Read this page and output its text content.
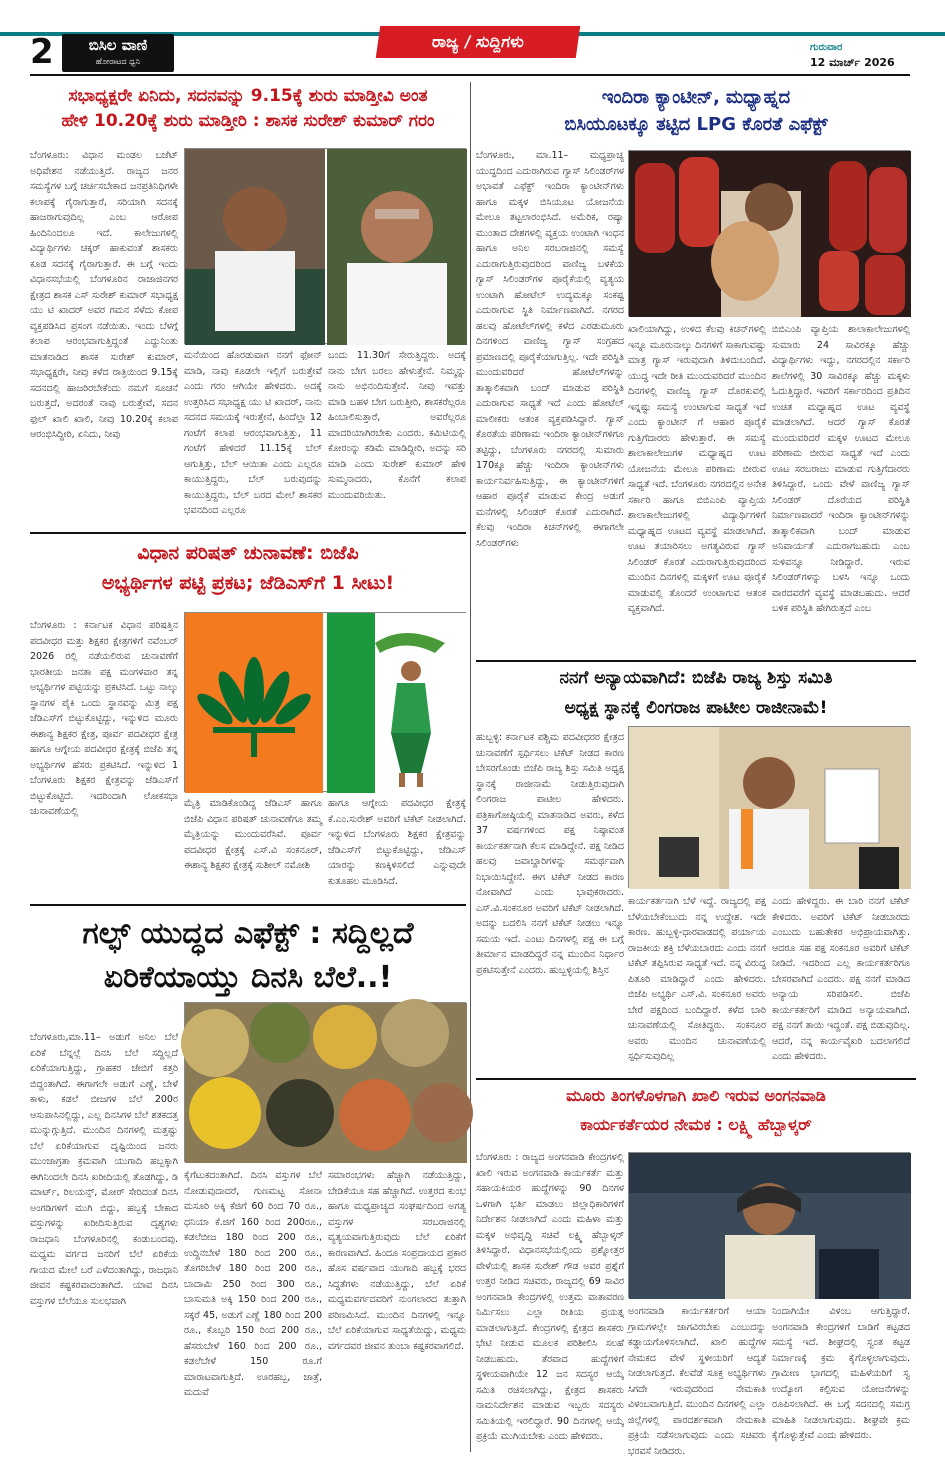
2	ಬಿಸಿಲ ವಾಣಿ
ಹೋರಾಟದ ಧ್ವನಿ
ರಾಜ್ಯ / ಸುದ್ದಿಗಳು	ಗುರುವಾರ
12 ಮಾರ್ಚ್ 2026
ಸಭಾಧ್ಯಕ್ಷರೇ ಏನಿದು, ಸದನವನ್ನು 9.15ಕ್ಕೆ ಶುರು ಮಾಡ್ತೀವಿ ಅಂತ
ಹೇಳಿ 10.20ಕ್ಕೆ ಶುರು ಮಾಡ್ತೀರಿ : ಶಾಸಕ ಸುರೇಶ್ ಕುಮಾರ್ ಗರಂ
ಬೆಂಗಳೂರು: ವಿಧಾನ ಮಂಡಲ ಬಜೆಟ್ ಅಧಿವೇಶನ ನಡೆಯುತ್ತಿದೆ. ರಾಜ್ಯದ ಜನರ ಸಮಸ್ಯೆಗಳ ಬಗ್ಗೆ ಚರ್ಚಿಸಬೇಕಾದ ಜನಪ್ರತಿನಿಧಿಗಳೇ ಕಲಾಪಕ್ಕೆ ಗೈರಾಗುತ್ತಾರೆ, ಸರಿಯಾಗಿ ಸದನಕ್ಕೆ ಹಾಜರಾಗುವುದಿಲ್ಲ ಎಂಬ ಆರೋಪ ಹಿಂದಿನಿಂದಲೂ ಇದೆ. ಕಾಲೇಜುಗಳಲ್ಲಿ ವಿದ್ಯಾರ್ಥಿಗಳು ಚಕ್ಕರ್ ಹಾಕುವಂತೆ ಶಾಸಕರು ಕೂಡ ಸದನಕ್ಕೆ ಗೈರಾಗುತ್ತಾರೆ. ಈ ಬಗ್ಗೆ ಇಂದು ವಿಧಾನಸಭೆಯಲ್ಲಿ ಬೆಂಗಳೂರಿನ ರಾಜಾಜಿನಗರ ಕ್ಷೇತ್ರದ ಶಾಸಕ ಎಸ್ ಸುರೇಶ್ ಕುಮಾರ್ ಸಭಾಧ್ಯಕ್ಷ ಯು ಟಿ ಖಾದರ್ ಅವರ ಗಮನ ಸೆಳೆದು ಕೋಪ ವ್ಯಕ್ತಪಡಿಸಿದ ಪ್ರಸಂಗ ನಡೆಯಿತು. ಇಂದು ಬೆಳಗ್ಗೆ ಕಲಾಪ ಆರಂಭವಾಗುತ್ತಿದ್ದಂತೆ ಎದ್ದುನಿಂತು ಮಾತನಾಡಿದ ಶಾಸಕ ಸುರೇಶ್ ಕುಮಾರ್, ಸಭಾಧ್ಯಕ್ಷರೇ, ನೀವು ಕಳೆದ ರಾತ್ರಿಯಿಂದ 9.15ಕ್ಕೆ ಸದನದಲ್ಲಿ ಹಾಜರಿರಬೇಕೆಂದು ನಮಗೆ ಸೂಚನೆ ಬರುತ್ತದೆ, ಅದರಂತೆ ನಾವು ಬರುತ್ತೇವೆ, ಸದನ ಫುಲ್ ಖಾಲಿ ಖಾಲಿ, ನೀವು 10.20ಕ್ಕೆ ಕಲಾಪ ಆರಂಭಿಸಿದ್ದೀರಿ, ಏನಿದು, ನೀವು
ಮನೆಯಿಂದ ಹೊರಡುವಾಗ ನನಗೆ ಫೋನ್ ಮಾಡಿ, ನಾವು ಕೂಡಲೇ ಇಲ್ಲಿಗೆ ಬರುತ್ತೇವೆ ಎಂದು ಗರಂ ಆಗಿಯೇ ಹೇಳಿದರು. ಅದಕ್ಕೆ ಉತ್ತರಿಸಿದ ಸಭಾಧ್ಯಕ್ಷ ಯು ಟಿ ಖಾದರ್, ನಾನು ಸದನದ ಸಮಯಕ್ಕೆ ಇರುತ್ತೇನೆ, ಹಿಂದೆಲ್ಲಾ 12 ಗಂಟೆಗೆ ಕಲಾಪ ಆರಂಭವಾಗುತ್ತಿತ್ತು, 11 ಗಂಟೆಗೆ ಹೇಳಿದರೆ 11.15ಕ್ಕೆ ಬೆಲ್ ಆಗುತ್ತಿತ್ತು, ಬೆಲ್ ಆಯಿತಾ ಎಂದು ಎಲ್ಲರೂ ಕಾಯುತ್ತಿದ್ದರು, ಬೆಲ್ ಬರುವುದನ್ನು ಕಾಯುತ್ತಿದ್ದರು, ಬೆಲ್ ಬರದ ಮೇಲೆ ಶಾಸಕರ ಭವನದಿಂದ ಎಲ್ಲರೂ
ಬಂದು 11.30ಗೆ ಸೇರುತ್ತಿದ್ದರು. ಅದಕ್ಕೆ ನಾನು ಬೇಗ ಬರಲು ಹೇಳುತ್ತೇನೆ. ನಿಮ್ಮನ್ನು ನಾನು ಅಭಿನಂದಿಸುತ್ತೇನೆ. ನೀವು ಇವತ್ತು ಮಾಡಿ ಬಹಳ ಬೇಗ ಬರುತ್ತೀರಿ, ಶಾಸಕರೆಲ್ಲರೂ ಹಿಂಬಾಲಿಸುತ್ತಾರೆ, ಅವರೆಲ್ಲರೂ ಮಾದರಿಯಾಗಿರಬೇಕು ಎಂದರು. ಕಮಿಟಿಯಲ್ಲಿ ಕೋರಂನ್ನು ಕಡಿಮೆ ಮಾಡಿದ್ದೀರಿ, ಅದನ್ನು ಸರಿ ಮಾಡಿ ಎಂದು ಸುರೇಶ್ ಕುಮಾರ್ ಹೇಳಿ ಸುಮ್ಮನಾದರು, ಕೊನೆಗೆ ಕಲಾಪ ಮುಂದುವರಿಯಿತು.
ವಿಧಾನ ಪರಿಷತ್ ಚುನಾವಣೆ: ಬಿಜೆಪಿ
ಅಭ್ಯರ್ಥಿಗಳ ಪಟ್ಟಿ ಪ್ರಕಟ; ಜೆಡಿಎಸ್‌ಗೆ 1 ಸೀಟು!
ಬೆಂಗಳೂರು : ಕರ್ನಾಟಕ ವಿಧಾನ ಪರಿಷತ್ತಿನ ಪದವೀಧರ ಮತ್ತು ಶಿಕ್ಷಕರ ಕ್ಷೇತ್ರಗಳಿಗೆ ನವೆಂಬರ್ 2026 ರಲ್ಲಿ ನಡೆಯಲಿರುವ ಚುನಾವಣೆಗೆ ಭಾರತೀಯ ಜನತಾ ಪಕ್ಷ ಮಂಗಳವಾರ ತನ್ನ ಅಭ್ಯರ್ಥಿಗಳ ಪಟ್ಟಿಯನ್ನು ಪ್ರಕಟಿಸಿದೆ. ಒಟ್ಟು ನಾಲ್ಕು ಸ್ಥಾನಗಳ ಪೈಕಿ ಒಂದು ಸ್ಥಾನವನ್ನು ಮಿತ್ರ ಪಕ್ಷ ಜೆಡಿಎಸ್‌ಗೆ ಬಿಟ್ಟುಕೊಟ್ಟಿದ್ದು, ಇನ್ನುಳಿದ ಮೂರು ಈಶಾನ್ಯ ಶಿಕ್ಷಕರ ಕ್ಷೇತ್ರ, ಪೂರ್ವ ಪದವೀಧರ ಕ್ಷೇತ್ರ ಹಾಗೂ ಆಗ್ನೇಯ ಪದವೀಧರ ಕ್ಷೇತ್ರಕ್ಕೆ ಬಿಜೆಪಿ ತನ್ನ ಅಭ್ಯರ್ಥಿಗಳ ಹೆಸರು ಪ್ರಕಟಿಸಿದೆ. ಇನ್ನುಳಿದ 1 ಬೆಂಗಳೂರು ಶಿಕ್ಷಕರ ಕ್ಷೇತ್ರವನ್ನು ಜೆಡಿಎಸ್‌ಗೆ ಬಿಟ್ಟುಕೊಟ್ಟಿದೆ. ಇದರಿಂದಾಗಿ ಲೋಕಸಭಾ ಚುನಾವಣೆಯಲ್ಲಿ
ಮೈತ್ರಿ ಮಾಡಿಕೊಂಡಿದ್ದ ಜೆಡಿಎಸ್ ಹಾಗೂ ಬಿಜೆಪಿ ವಿಧಾನ ಪರಿಷತ್ ಚುನಾವಣೆಗೂ ತಮ್ಮ ಮೈತ್ರಿಯನ್ನು ಮುಂದುವರೆಸಿವೆ. ಪೂರ್ವ ಪದವೀಧರ ಕ್ಷೇತ್ರಕ್ಕೆ ಎಸ್.ವಿ ಸಂಕನೂರ್, ಈಶಾನ್ಯ ಶಿಕ್ಷಕರ ಕ್ಷೇತ್ರಕ್ಕೆ ಸುಶೀಲ್ ನಮೋಶಿ
ಹಾಗೂ ಆಗ್ನೇಯ ಪದವೀಧರ ಕ್ಷೇತ್ರಕ್ಕೆ ಕೆ.ಎಂ.ಸುರೇಶ್ ಅವರಿಗೆ ಟಿಕೆಟ್ ನೀಡಲಾಗಿದೆ. ಇನ್ನುಳಿದ ಬೆಂಗಳೂರು ಶಿಕ್ಷಕರ ಕ್ಷೇತ್ರವನ್ನು ಜೆಡಿಎಸ್‌ಗೆ ಬಿಟ್ಟುಕೊಟ್ಟಿದ್ದು, ಜೆಡಿಎಸ್ ಯಾರನ್ನು ಕಣಕ್ಕಿಳಿಸಲಿದೆ ಎನ್ನುವುದೇ ಕುತೂಹಲ ಮೂಡಿಸಿದೆ.
ಗಲ್ಫ್ ಯುದ್ಧದ ಎಫೆಕ್ಟ್ : ಸದ್ದಿಲ್ಲದೆ
ಏರಿಕೆಯಾಯ್ತು ದಿನಸಿ ಬೆಲೆ..!
ಬೆಂಗಳೂರು,ಮಾ.11– ಅಡುಗೆ ಅನಿಲ ಬೆಲೆ ಏರಿಕೆ ಬೆನ್ನಲ್ಲೆ ದಿನಸಿ ಬೆಲೆ ಸದ್ದಿಲ್ಲದೆ ಏರಿಕೆಯಾಗುತ್ತಿದ್ದು, ಗ್ರಾಹಕರ ಜೇಬಿಗೆ ಕತ್ತರಿ ಬಿದ್ದಂತಾಗಿದೆ. ಈಗಾಗಲೇ ಅಡುಗೆ ಎಣ್ಣೆ, ಬೇಳೆ ಕಾಳು, ಕಡಲೆ ಬೀಜಗಳ ಬೆಲೆ 200ರ ಆಸುಪಾಸಿನಲ್ಲಿದ್ದು, ಎಲ್ಲ ದಿನಸಿಗಳ ಬೆಲೆ ಶತಕದತ್ತ ಮುನ್ನುಗ್ಗುತ್ತಿದೆ. ಮುಂದಿನ ದಿನಗಳಲ್ಲಿ ಮತ್ತಷ್ಟು ಬೆಲೆ ಏರಿಕೆಯಾಗುವ ದೃಷ್ಟಿಯಿಂದ ಜನರು ಮುಂಜಾಗ್ರತಾ ಕ್ರಮವಾಗಿ ಯುಗಾದಿ ಹಬ್ಬಕ್ಕಾಗಿ ಈಗಿನಿಂದಲೇ ದಿನಸಿ ಖರೀದಿಯಲ್ಲಿ ತೊಡಗಿದ್ದು, ಡಿ ಮಾರ್ಟ್, ರಿಲಯನ್ಸ್, ಮೋರ್ ಸೇರಿದಂತೆ ದಿನಸಿ ಅಂಗಡಿಗಳಿಗೆ ಮುಗಿ ಬಿದ್ದು, ಹಬ್ಬಕ್ಕೆ ಬೇಕಾದ ವಸ್ತುಗಳನ್ನು ಖರೀದಿಸುತ್ತಿರುವ ದೃಶ್ಯಗಳು ರಾಜಧಾನಿ ಬೆಂಗಳೂರಿನಲ್ಲಿ ಕಂಡುಬಂದವು. ಮಧ್ಯಮ ವರ್ಗದ ಜನರಿಗೆ ಬೆಲೆ ಏರಿಕೆಯ ಗಾಯದ ಮೇಲೆ ಬರೆ ಎಳೆದಂತಾಗಿದ್ದು, ರಾಜಧಾನಿ ಜೀವನ ಕಷ್ಟಕರವಾದಂತಾಗಿದೆ. ಯಾವ ದಿನಸಿ ವಸ್ತುಗಳ ಬೆಲೆಯೂ ಸುಲಭವಾಗಿ
ಕೈಗೆಟುಕದಂತಾಗಿದೆ. ದಿನಸಿ ವಸ್ತುಗಳ ಬೆಲೆ ನೋಡುವುದಾದರೆ, ಗುಣಮಟ್ಟ ಸೋನಾ ಮಸೂರಿ ಅಕ್ಕಿ ಕೆಜಿಗೆ 60 ರಿಂದ 70 ರೂ., ಧನಿಯಾ ಕೆ.ಜಿಗೆ 160 ರಿಂದ 200ರೂ., ಕಡಲೆಬೀಜ 180 ರಿಂದ 200 ರೂ., ಉದ್ದಿನಬೇಳೆ 180 ರಿಂದ 200 ರೂ., ತೊಗರಿಬೇಳೆ 180 ರಿಂದ 200 ರೂ., ಬಾದಾಮಿ 250 ರಿಂದ 300 ರೂ., ಬಾಸುಮತಿ ಅಕ್ಕಿ 150 ರಿಂದ 200 ರೂ., ಸಕ್ಕರೆ 45, ಅಡುಗೆ ಎಣ್ಣೆ 180 ರಿಂದ 200 ರೂ., ಕೊಬ್ಬರಿ 150 ರಿಂದ 200 ರೂ., ಹೆಸರುಬೇಳೆ 160 ರಿಂದ 200 ರೂ., ಕಡಲೆಬೇಳೆ 150 ರೂ.ಗೆ ಮಾರಾಟವಾಗುತ್ತಿದೆ. ಊರಹಬ್ಬ, ಜಾತ್ರೆ, ಮದುವೆ
ಸಮಾರಂಭಗಳು ಹೆಚ್ಚಾಗಿ ನಡೆಯುತ್ತಿದ್ದು, ಬೇಡಿಕೆಯೂ ಸಹ ಹೆಚ್ಚಾಗಿದೆ. ಉತ್ತರದ ಕುಂಭ ಹಾಗೂ ಮಧ್ಯಪ್ರಾಚ್ಯದ ಸಂಘರ್ಷದಿಂದ ಅಗತ್ಯ ವಸ್ತುಗಳ ಸರಬರಾಜಿನಲ್ಲಿ ವ್ಯತ್ಯಯವಾಗುತ್ತಿರುವುದು ಬೆಲೆ ಏರಿಕೆಗೆ ಕಾರಣವಾಗಿದೆ. ಹಿಂದೂ ಸಂಪ್ರದಾಯದ ಪ್ರಕಾರ ಹೊಸ ವರ್ಷವಾದ ಯುಗಾದಿ ಹಬ್ಬಕ್ಕೆ ಭರದ ಸಿದ್ಧತೆಗಳು ನಡೆಯುತ್ತಿದ್ದು, ಬೆಲೆ ಏರಿಕೆ ಮಧ್ಯಮವರ್ಗದವರಿಗೆ ನುಂಗಲಾರದ ತುತ್ತಾಗಿ ಪರಿಣಮಿಸಿದೆ. ಮುಂದಿನ ದಿನಗಳಲ್ಲಿ ಇನ್ನೂ ಬೆಲೆ ಏರಿಕೆಯಾಗುವ ಸಾಧ್ಯತೆಯಿದ್ದು, ಮಧ್ಯಮ ವರ್ಗದವರ ಜೀವನ ತುಂಬಾ ಕಷ್ಟಕರವಾಗಲಿದೆ.
ಇಂದಿರಾ ಕ್ಯಾಂಟೀನ್, ಮಧ್ಯಾಹ್ನದ
ಬಿಸಿಯೂಟಕ್ಕೂ ತಟ್ಟಿದ LPG ಕೊರತೆ ಎಫೆಕ್ಟ್
ಬೆಂಗಳೂರು, ಮಾ.11– ಮಧ್ಯಪ್ರಾಚ್ಯ ಯುದ್ಧದಿಂದ ಎದುರಾಗಿರುವ ಗ್ಯಾಸ್ ಸಿಲಿಂಡರ್‌ಗಳ ಅಭಾವತೆ ಎಫೆಕ್ಟ್ ಇಂದಿರಾ ಕ್ಯಾಂಟೀನ್‌ಗಳು ಹಾಗೂ ಮಕ್ಕಳ ಬಿಸಿಯೂಟ ಯೋಜನೆಯ ಮೇಲೂ ತಟ್ಟಲಾರಂಭಿಸಿದೆ. ಅಮೆರಿಕ, ರಷ್ಯಾ ಮುಂತಾದ ದೇಶಗಳಲ್ಲಿ ವ್ಯಕ್ತಯ ಉಂಟಾಗಿ ಇಂಧನ ಹಾಗೂ ಅನಿಲ ಸರಬರಾಜಿನಲ್ಲಿ ಸಮಸ್ಯೆ ಎದುರಾಗುತ್ತಿರುವುದರಿಂದ ವಾಣಿಜ್ಯ ಬಳಕೆಯ ಗ್ಯಾಸ್ ಸಿಲಿಂಡರ್‌ಗಳ ಪೂರೈಕೆಯಲ್ಲಿ ವ್ಯತ್ಯಯ ಉಂಟಾಗಿ ಹೋಟೆಲ್ ಉದ್ಯಮಕ್ಕೂ ಸಂಕಷ್ಟ ಎದುರಾಗುವ ಸ್ಥಿತಿ ನಿರ್ಮಾಣವಾಗಿದೆ. ನಗರದ ಹಲವು ಹೋಟೆಲ್‌ಗಳಲ್ಲಿ ಕಳೆದ ಎರಡುಮೂರು ದಿನಗಳಿಂದ ವಾಣಿಜ್ಯ ಗ್ಯಾಸ್ ಸಂಗ್ರಹದ ಪ್ರಮಾಣದಲ್ಲಿ ಪೂರೈಕೆಯಾಗುತ್ತಿಲ್ಲ. ಇದೇ ಪರಿಸ್ಥಿತಿ ಮುಂದುವರಿದರೆ ಹೋಟೆಲ್‌ಗಳನ್ನು ತಾತ್ಕಾಲಿಕವಾಗಿ ಬಂದ್ ಮಾಡುವ ಪರಿಸ್ಥಿತಿ ಎದುರಾಗುವ ಸಾಧ್ಯತೆ ಇದೆ ಎಂದು ಹೋಟೆಲ್ ಮಾಲೀಕರು ಆತಂಕ ವ್ಯಕ್ತಪಡಿಸಿದ್ದಾರೆ. ಗ್ಯಾಸ್ ಕೊರತೆಯ ಪರಿಣಾಮ ಇಂದಿರಾ ಕ್ಯಾಂಟೀನ್‌ಗಳಿಗೂ ತಟ್ಟಿದ್ದು, ಬೆಂಗಳೂರು ನಗರದಲ್ಲಿ ಸುಮಾರು 170ಕ್ಕೂ ಹೆಚ್ಚು ಇಂದಿರಾ ಕ್ಯಾಂಟೀನ್‌ಗಳು ಕಾರ್ಯನಿರ್ವಹಿಸುತ್ತಿದ್ದು, ಈ ಕ್ಯಾಂಟೀನ್‌ಗಳಿಗೆ ಆಹಾರ ಪೂರೈಕೆ ಮಾಡುವ ಕೇಂದ್ರ ಅಡುಗೆ ಮನೆಗಳಲ್ಲಿ ಸಿಲಿಂಡರ್ ಕೊರತೆ ಎದುರಾಗಿದೆ. ಕೆಲವು ಇಂದಿರಾ ಕಿಚನ್‌ಗಳಲ್ಲಿ ಈಗಾಗಲೇ ಸಿಲಿಂಡರ್‌ಗಳು
ಖಾಲಿಯಾಗಿದ್ದು, ಉಳಿದ ಕೆಲವು ಕಿಚನ್‌ಗಳಲ್ಲಿ ಇನ್ನೂ ಮೂರುನಾಲ್ಕು ದಿನಗಳಿಗೆ ಸಾಕಾಗುವಷ್ಟು ಮಾತ್ರ ಗ್ಯಾಸ್ ಇರುವುದಾಗಿ ತಿಳಿದುಬಂದಿದೆ. ಯುದ್ಧ ಇದೇ ರೀತಿ ಮುಂದುವರಿದರೆ ಮುಂದಿನ ದಿನಗಳಲ್ಲಿ ವಾಣಿಜ್ಯ ಗ್ಯಾಸ್ ದೊರಕುವಲ್ಲಿ ಇನ್ನಷ್ಟು ಸಮಸ್ಯೆ ಉಂಟಾಗುವ ಸಾಧ್ಯತೆ ಇದೆ ಎಂದು ಕ್ಯಾಂಟೀನ್ ಗೆ ಆಹಾರ ಪೂರೈಕೆ ಗುತ್ತಿಗೆದಾರರು ಹೇಳುತ್ತಾರೆ. ಈ ಸಮಸ್ಯೆ ಶಾಲಾಕಾಲೇಜುಗಳ ಮಧ್ಯಾಹ್ನದ ಊಟ ಯೋಜನೆಯ ಮೇಲೂ ಪರಿಣಾಮ ಬೀರುವ ಸಾಧ್ಯತೆ ಇದೆ. ಬೆಂಗಳೂರು ನಗರದಲ್ಲಿನ ಅನೇಕ ಸರ್ಕಾರಿ ಹಾಗೂ ಬಿಬಿಎಂಪಿ ವ್ಯಾಪ್ತಿಯ ಶಾಲಾಕಾಲೇಜುಗಳಲ್ಲಿ ವಿದ್ಯಾರ್ಥಿಗಳಿಗೆ ಮಧ್ಯಾಹ್ನದ ಊಟದ ವ್ಯವಸ್ಥೆ ಮಾಡಲಾಗಿದೆ. ಊಟ ತಯಾರಿಸಲು ಅಗತ್ಯವಿರುವ ಗ್ಯಾಸ್ ಸಿಲಿಂಡರ್ ಕೊರತೆ ಎದುರಾಗುತ್ತಿರುವುದರಿಂದ ಮುಂದಿನ ದಿನಗಳಲ್ಲಿ ಮಕ್ಕಳಿಗೆ ಊಟ ಪೂರೈಕೆ ಮಾಡುವಲ್ಲಿ ತೊಂದರೆ ಉಂಟಾಗುವ ಆತಂಕ ವ್ಯಕ್ತವಾಗಿದೆ.
ಬಿಬಿಎಂಪಿ ವ್ಯಾಪ್ತಿಯ ಶಾಲಾಕಾಲೇಜುಗಳಲ್ಲಿ ಸುಮಾರು 24 ಸಾವಿರಕ್ಕೂ ಹೆಚ್ಚು ವಿದ್ಯಾರ್ಥಿಗಳು ಇದ್ದು, ನಗರದಲ್ಲಿನ ಸರ್ಕಾರಿ ಶಾಲೆಗಳಲ್ಲಿ 30 ಸಾವಿರಕ್ಕೂ ಹೆಚ್ಚು ಮಕ್ಕಳು ಓದುತ್ತಿದ್ದಾರೆ. ಇವರಿಗೆ ಸರ್ಕಾರದಿಂದ ಪ್ರತಿದಿನ ಉಚಿತ ಮಧ್ಯಾಹ್ನದ ಊಟ ವ್ಯವಸ್ಥೆ ಮಾಡಲಾಗಿದೆ. ಆದರೆ ಗ್ಯಾಸ್ ಕೊರತೆ ಮುಂದುವರಿದರೆ ಮಕ್ಕಳ ಊಟದ ಮೇಲೂ ಪರಿಣಾಮ ಬೀರುವ ಸಾಧ್ಯತೆ ಇದೆ ಎಂದು ಊಟ ಸರಬರಾಜು ಮಾಡುವ ಗುತ್ತಿಗೆದಾರರು ತಿಳಿಸಿದ್ದಾರೆ. ಒಂದು ವೇಳೆ ವಾಣಿಜ್ಯ ಗ್ಯಾಸ್ ಸಿಲಿಂಡರ್ ದೊರೆಯದ ಪರಿಸ್ಥಿತಿ ನಿರ್ಮಾಣವಾದರೆ ಇಂದಿರಾ ಕ್ಯಾಂಟೀನ್‌ಗಳನ್ನು ತಾತ್ಕಾಲಿಕವಾಗಿ ಬಂದ್ ಮಾಡುವ ಅನಿವಾರ್ಯತೆ ಎದುರಾಗಬಹುದು ಎಂಬ ಸುಳಿವನ್ನೂ ನೀಡಿದ್ದಾರೆ. ಇರುವ ಸಿಲಿಂಡರ್‌ಗಳನ್ನು ಬಳಸಿ ಇನ್ನೂ ಒಂದು ವಾರದವರೆಗೆ ವ್ಯವಸ್ಥೆ ಮಾಡಬಹುದು. ಆದರೆ ಬಳಿಕ ಪರಿಸ್ಥಿತಿ ಹೇಗಿರುತ್ತದೆ ಎಂಬ
ನನಗೆ ಅನ್ಯಾಯವಾಗಿದೆ: ಬಿಜೆಪಿ ರಾಜ್ಯ ಶಿಸ್ತು ಸಮಿತಿ
ಅಧ್ಯಕ್ಷ ಸ್ಥಾನಕ್ಕೆ ಲಿಂಗರಾಜ ಪಾಟೀಲ ರಾಜೀನಾಮೆ!
ಹುಬ್ಬಳ್ಳಿ: ಕರ್ನಾಟಕ ಪಶ್ಚಿಮ ಪದವೀಧರರ ಕ್ಷೇತ್ರದ ಚುನಾವಣೆಗೆ ಸ್ಪರ್ಧಿಸಲು ಟಿಕೆಟ್ ನೀಡದ ಕಾರಣ ಬೇಸರಗೊಂಡು ಬಿಜೆಪಿ ರಾಜ್ಯ ಶಿಸ್ತು ಸಮಿತಿ ಅಧ್ಯಕ್ಷ ಸ್ಥಾನಕ್ಕೆ ರಾಜೀನಾಮೆ ನೀಡುತ್ತಿರುವುದಾಗಿ ಲಿಂಗರಾಜ ಪಾಟೀಲ ಹೇಳಿದರು. ಪತ್ರಿಕಾಗೋಷ್ಠಿಯಲ್ಲಿ ಮಾತನಾಡಿದ ಅವರು, ಕಳೆದ 37 ವರ್ಷಗಳಿಂದ ಪಕ್ಷ ನಿಷ್ಠಾವಂತ ಕಾರ್ಯಕರ್ತನಾಗಿ ಕೆಲಸ ಮಾಡಿದ್ದೇನೆ. ಪಕ್ಷ ನೀಡಿದ ಹಲವು ಜವಾಬ್ದಾರಿಗಳನ್ನು ಸಮರ್ಥವಾಗಿ ನಿಭಾಯಿಸಿದ್ದೇನೆ. ಈಗ ಟಿಕೆಟ್ ನೀಡದ ಕಾರಣ ನೋವಾಗಿದೆ ಎಂದು ಭಾವುಕರಾದರು. ಎಸ್.ವಿ.ಸಂಕನೂರ ಅವರಿಗೆ ಟಿಕೆಟ್ ನೀಡಲಾಗಿದೆ. ಅದನ್ನು ಬದಲಿಸಿ ನನಗೆ ಟಿಕೆಟ್ ನೀಡಲು ಇನ್ನೂ ಸಮಯ ಇದೆ. ಎಂಟು ದಿನಗಳಲ್ಲಿ ಪಕ್ಷ ಈ ಬಗ್ಗೆ ತೀರ್ಮಾನ ಮಾಡದಿದ್ದರೆ ನನ್ನ ಮುಂದಿನ ನಿರ್ಧಾರ ಪ್ರಕಟಿಸುತ್ತೇನೆ ಎಂದರು. ಹುಬ್ಬಳ್ಳಿಯಲ್ಲಿ ಶಿಸ್ತಿನ
ಕಾರ್ಯಕರ್ತನಾಗಿ ಬೆಳೆ ಇದ್ದೆ. ರಾಜ್ಯದಲ್ಲಿ ಪಕ್ಷ ಬೆಳೆಯಬೇಕೆಂಬುದು ನನ್ನ ಉದ್ದೇಶ. ಇದೇ ಕಾರಣ. ಹುಬ್ಬಳ್ಳಿ-ಧಾರವಾಡದಲ್ಲಿ ಪರ್ಯಾಯ ರಾಜಕೀಯ ಶಕ್ತಿ ಬೆಳೆಯಬಾರದು ಎಂದು ನನಗೆ ಟಿಕೆಟ್ ತಪ್ಪಿಸಿರುವ ಸಾಧ್ಯತೆ ಇದೆ. ನನ್ನ ವಿರುದ್ಧ ಪಿತೂರಿ ಮಾಡಿದ್ದಾರೆ ಎಂದು ಹೇಳಿದರು. ಬಿಜೆಪಿ ಅಭ್ಯರ್ಥಿ ಎಸ್.ವಿ. ಸಂಕನೂರ ಅವರು ಬೇರೆ ಪಕ್ಷದಿಂದ ಬಂದಿದ್ದಾರೆ. ಕಳೆದ ಬಾರಿ ಚುನಾವಣೆಯಲ್ಲಿ ಸೋತಿದ್ದರು. ಸಂಕನೂರ ಅವರು ಮುಂದಿನ ಚುನಾವಣೆಯಲ್ಲಿ ಸ್ಪರ್ಧಿಸುವುದಿಲ್ಲ
ಎಂದು ಹೇಳಿದ್ದರು. ಈ ಬಾರಿ ನನಗೆ ಟಿಕೆಟ್ ಕೇಳಿದರು. ಅವರಿಗೆ ಟಿಕೆಟ್ ನೀಡಬಾರದು ಎಂಬುದು ಬಹುತೇಕರ ಅಭಿಪ್ರಾಯವಾಗಿತ್ತು. ಆದರೂ ಸಹ ಪಕ್ಷ ಸಂಕನೂರ ಅವರಿಗೆ ಟಿಕೆಟ್ ನೀಡಿದೆ. ಇದರಿಂದ ಎಲ್ಲ ಕಾರ್ಯಕರ್ತರಿಗೂ ಬೇಸರವಾಗಿದೆ ಎಂದರು. ಪಕ್ಷ ನನಗೆ ಮಾಡಿದ ಅನ್ಯಾಯ ಸರಿಪಡಿಸಲಿ. ಬಿಜೆಪಿ ಕಾರ್ಯಕರ್ತರಿಗೆ ಮಾಡಿದ ಅನ್ಯಾಯವಾಗಿದೆ. ಪಕ್ಷ ನನಗೆ ತಾಯಿ ಇದ್ದಂತೆ. ಪಕ್ಷ ಬಿಡುವುದಿಲ್ಲ. ಆದರೆ, ನನ್ನ ಕಾರ್ಯವೈಖರಿ ಬದಲಾಗಲಿದೆ ಎಂದು ಹೇಳಿದರು.
ಮೂರು ತಿಂಗಳೊಳಗಾಗಿ ಖಾಲಿ ಇರುವ ಅಂಗನವಾಡಿ
ಕಾರ್ಯಕರ್ತೆಯರ ನೇಮಕ : ಲಕ್ಷ್ಮಿ ಹೆಬ್ಬಾಳ್ಕರ್
ಬೆಂಗಳೂರು : ರಾಜ್ಯದ ಅಂಗನವಾಡಿ ಕೇಂದ್ರಗಳಲ್ಲಿ ಖಾಲಿ ಇರುವ ಅಂಗನವಾಡಿ ಕಾರ್ಯಕರ್ತೆ ಮತ್ತು ಸಹಾಯಕಿಯರ ಹುದ್ದೆಗಳನ್ನು 90 ದಿನಗಳ ಒಳಗಾಗಿ ಭರ್ತಿ ಮಾಡಲು ಜಿಲ್ಲಾಧಿಕಾರಿಗಳಿಗೆ ನಿರ್ದೇಶನ ನೀಡಲಾಗಿದೆ ಎಂದು ಮಹಿಳಾ ಮತ್ತು ಮಕ್ಕಳ ಅಭಿವೃದ್ಧಿ ಸಚಿವೆ ಲಕ್ಷ್ಮಿ ಹೆಬ್ಬಾಳ್ಕರ್ ತಿಳಿಸಿದ್ದಾರೆ. ವಿಧಾನಸಭೆಯಲ್ಲಿಂದು ಪ್ರಶ್ನೋತ್ತರ ವೇಳೆಯಲ್ಲಿ ಶಾಸಕ ಸುರೇಶ್ ಗೌಡ ಅವರ ಪ್ರಶ್ನೆಗೆ ಉತ್ತರ ನೀಡಿದ ಸಚಿವರು, ರಾಜ್ಯದಲ್ಲಿ 69 ಸಾವಿರ ಅಂಗನವಾಡಿ ಕೇಂದ್ರಗಳಲ್ಲಿ ಉತ್ತಮ ವಾತಾವರಣ ನಿರ್ಮಿಸಲು ಎಲ್ಲಾ ರೀತಿಯ ಪ್ರಯತ್ನ ಮಾಡಲಾಗುತ್ತಿದೆ. ಕೇಂದ್ರಗಳಲ್ಲಿ ಕ್ಷೇತ್ರದ ಶಾಸಕರು ಭೇಟಿ ನೀಡುವ ಮೂಲಕ ಪರಿಶೀಲಿಸಿ ಸಲಹೆ ನೀಡಬಹುದು. ತೆರವಾದ ಹುದ್ದೆಗಳಿಗೆ ಸ್ಥಳೀಯವಾಗಿಯೇ 12 ಜನ ಸದಸ್ಯರ ಆಯ್ಕೆ ಸಮಿತಿ ರಚಿಸಲಾಗಿದ್ದು, ಕ್ಷೇತ್ರದ ಶಾಸಕರು ನಾಮನಿರ್ದೇಶನ ಮಾಡುವ ಇಬ್ಬರು ಸದಸ್ಯರು ಸಮಿತಿಯಲ್ಲಿ ಇರಲಿದ್ದಾರೆ. 90 ದಿನಗಳಲ್ಲಿ ಆಯ್ಕೆ ಪ್ರಕ್ರಿಯೆ ಮುಗಿಯಬೇಕು ಎಂದು ಹೇಳಿದರು.
ಅಂಗನವಾಡಿ ಕಾರ್ಯಕರ್ತರಿಗೆ ಆಯಾ ಗ್ರಾಮಗಳಲ್ಲೇ ಜಾಗವಿರಬೇಕು ಎಂಬುದನ್ನು ಕಡ್ಡಾಯಗೊಳಿಸಲಾಗಿದೆ. ಖಾಲಿ ಹುದ್ದೆಗಳ ನೇಮಕದ ವೇಳೆ ಸ್ಥಳೀಯರಿಗೆ ಆದ್ಯತೆ ನೀಡಲಾಗುತ್ತದೆ. ಕೆಲವೆಡೆ ಸೂಕ್ತ ಅಭ್ಯರ್ಥಿಗಳು ಸಿಗದೇ ಇರುವುದರಿಂದ ನೇಮಕಾತಿ ವಿಳಂಬವಾಗುತ್ತಿದೆ. ಮುಂದಿನ ದಿನಗಳಲ್ಲಿ ಎಲ್ಲಾ ಜಿಲ್ಲೆಗಳಲ್ಲಿ ಪಾರದರ್ಶಕವಾಗಿ ನೇಮಕಾತಿ ಪ್ರಕ್ರಿಯೆ ನಡೆಸಲಾಗುವುದು ಎಂದು ಸಚಿವರು ಭರವಸೆ ನೀಡಿದರು.
ನಿಂದಾಗಿಯೇ ವಿಳಂಬ ಆಗುತ್ತಿದ್ದಾರೆ. ಅಂಗನವಾಡಿ ಕೇಂದ್ರಗಳಿಗೆ ಬಾಡಿಗೆ ಕಟ್ಟಡದ ಸಮಸ್ಯೆ ಇದೆ. ಶೀಘ್ರದಲ್ಲಿ ಸ್ವಂತ ಕಟ್ಟಡ ನಿರ್ಮಾಣಕ್ಕೆ ಕ್ರಮ ಕೈಗೊಳ್ಳಲಾಗುವುದು. ಗ್ರಾಮೀಣ ಭಾಗದಲ್ಲಿ ಮಹಿಳೆಯರಿಗೆ ಸ್ವ ಉದ್ಯೋಗ ಕಲ್ಪಿಸುವ ಯೋಜನೆಗಳನ್ನು ರೂಪಿಸಲಾಗಿದೆ. ಈ ಬಗ್ಗೆ ಸದನದಲ್ಲಿ ಸಮಗ್ರ ಮಾಹಿತಿ ನೀಡಲಾಗುವುದು. ಶೀಘ್ರವೇ ಕ್ರಮ ಕೈಗೊಳ್ಳುತ್ತೇವೆ ಎಂದು ಹೇಳಿದರು.
